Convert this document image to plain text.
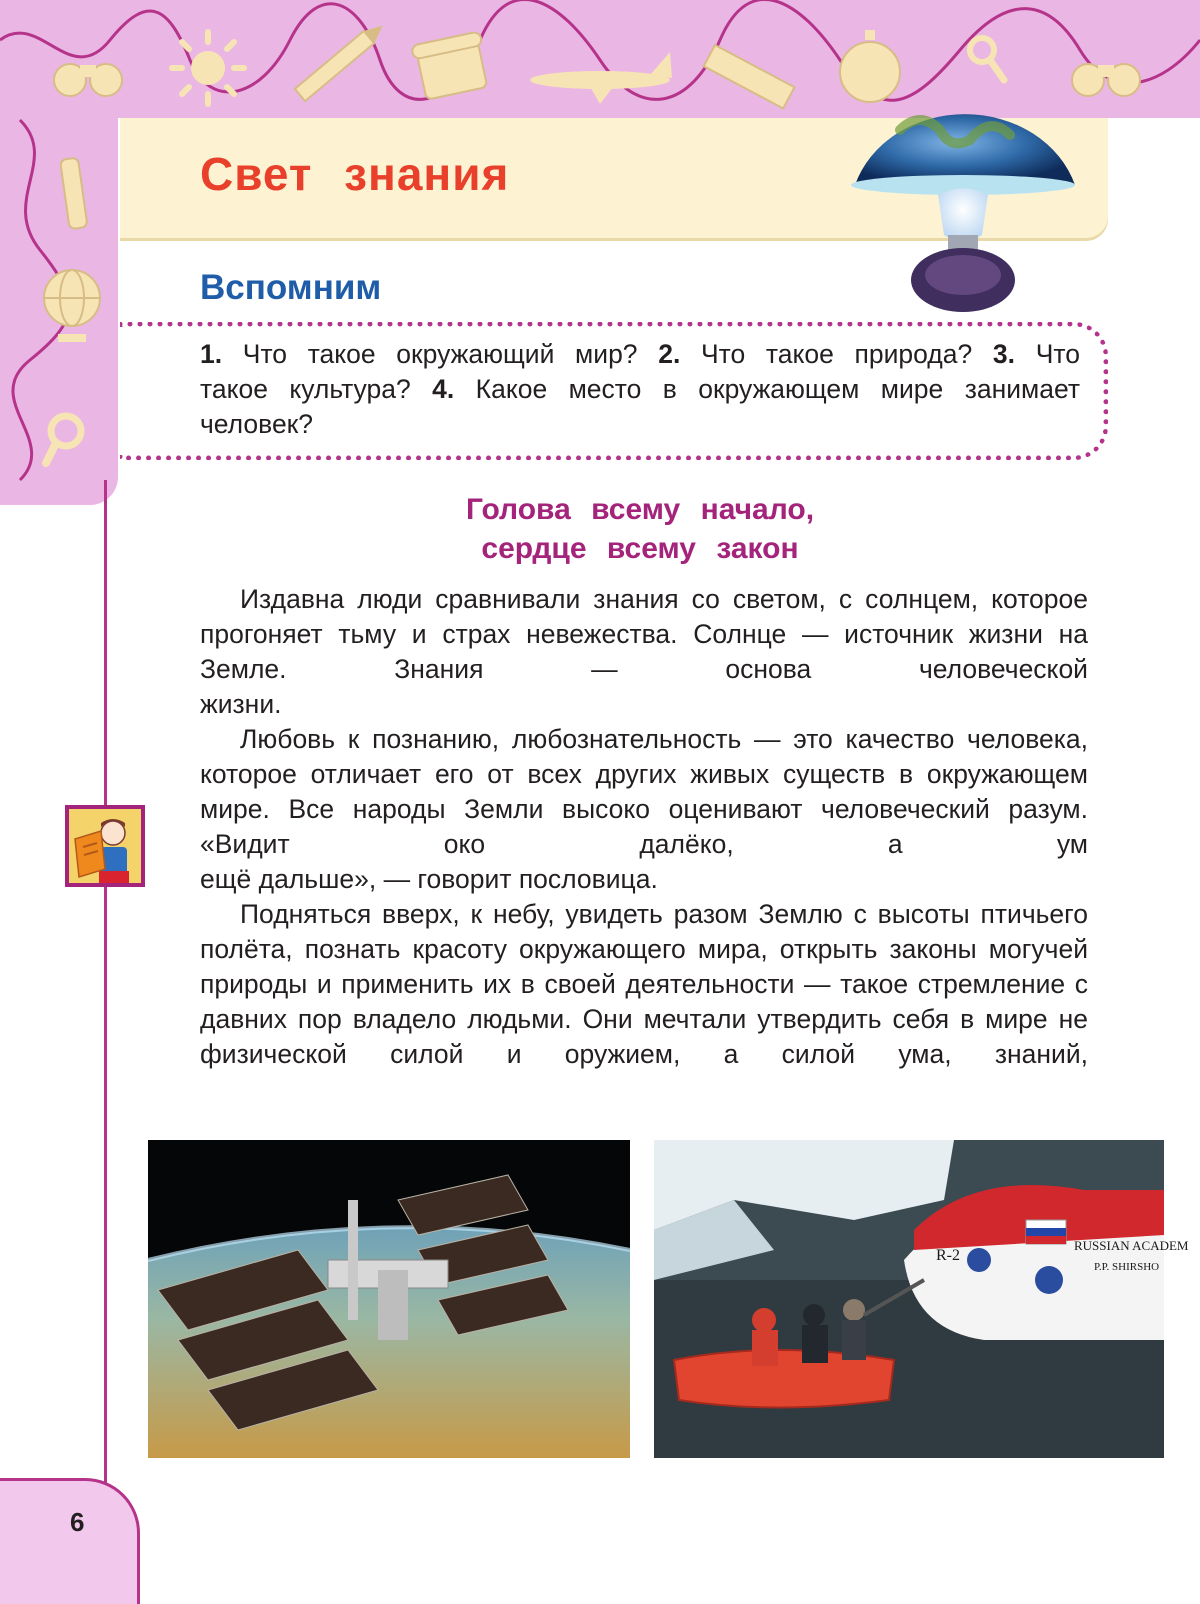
Свет знания
Вспомним
1. Что такое окружающий мир? 2. Что такое природа? 3. Что такое культура? 4. Какое место в окружающем мире занимает человек?
Голова всему начало,
сердце всему закон

Издавна люди сравнивали знания со светом, с солнцем, которое прогоняет тьму и страх невежества. Солнце — источник жизни на Земле. Знания — основа человеческой

жизни.

Любовь к познанию, любознательность — это качество человека, которое отличает его от всех других живых существ в окружающем мире. Все народы Земли высоко оценивают человеческий разум. «Видит око далёко, а ум

ещё дальше», — говорит пословица.

Подняться вверх, к небу, увидеть разом Землю с высоты птичьего полёта, познать красоту окружающего мира, открыть законы могучей природы и применить их в своей деятельности — такое стремление с давних пор владело людьми. Они мечтали утвердить себя в мире не физической силой и оружием, а силой ума, знаний,

R-2
RUSSIAN ACADEM
P.P. SHIRSHO
6
